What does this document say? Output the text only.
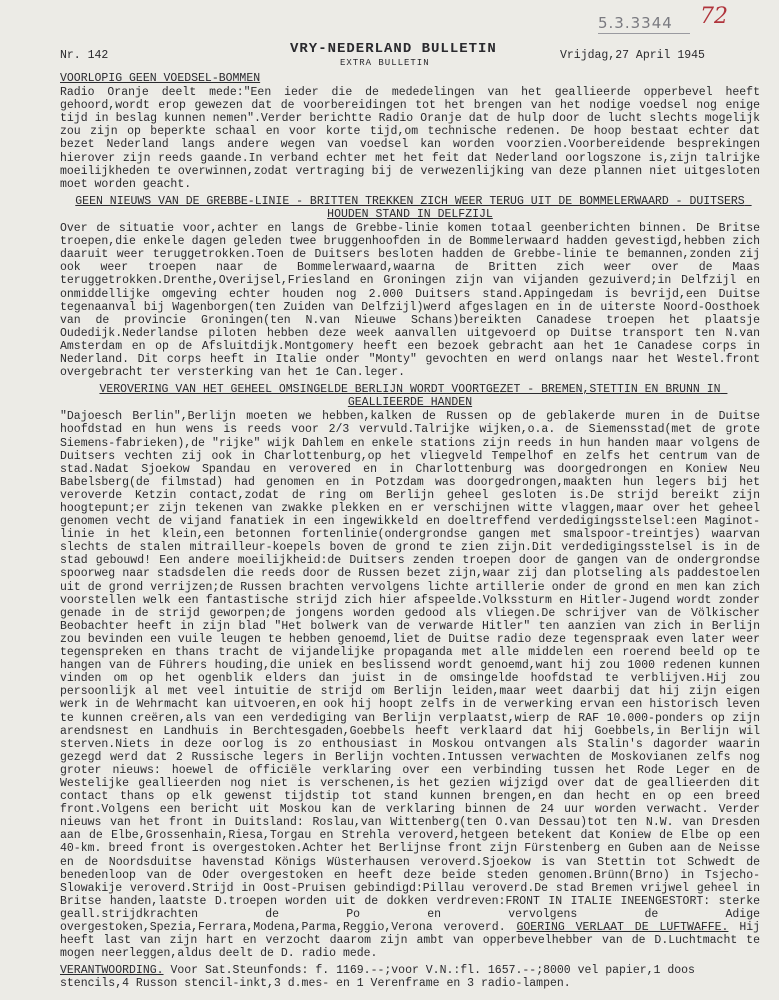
5.3.3344 72
Nr. 142	VRY-NEDERLAND BULLETIN
EXTRA BULLETIN
Vrijdag,27 April 1945
VOORLOPIG GEEN VOEDSEL-BOMMEN
Radio Oranje deelt mede:"Een ieder die de mededelingen van het geallieerde opperbevel heeft gehoord,wordt erop gewezen dat de voorbereidingen tot het brengen van het nodige voedsel nog enige tijd in beslag kunnen nemen".Verder berichtte Radio Oranje dat de hulp door de lucht slechts mogelijk zou zijn op beperkte schaal en voor korte tijd,om technische redenen. De hoop bestaat echter dat bezet Nederland langs andere wegen van voedsel kan worden voorzien.Voorbereidende besprekingen hierover zijn reeds gaande.In verband echter met het feit dat Nederland oorlogszone is,zijn talrijke moeilijkheden te overwinnen,zodat vertraging bij de verwezenlijking van deze plannen niet uitgesloten moet worden geacht.
GEEN NIEUWS VAN DE GREBBE-LINIE - BRITTEN TREKKEN ZICH WEER TERUG UIT DE BOMMELERWAARD - DUITSERS HOUDEN STAND IN DELFZIJL
Over de situatie voor,achter en langs de Grebbe-linie komen totaal geenberichten binnen. De Britse troepen,die enkele dagen geleden twee bruggenhoofden in de Bommelerwaard hadden gevestigd,hebben zich daaruit weer teruggetrokken.Toen de Duitsers besloten hadden de Grebbe-linie te bemannen,zonden zij ook weer troepen naar de Bommelerwaard,waarna de Britten zich weer over de Maas teruggetrokken.Drenthe,Overijsel,Friesland en Groningen zijn van vijanden gezuiverd;in Delfzijl en onmiddellijke omgeving echter houden nog 2.000 Duitsers stand.Appingedam is bevrijd,een Duitse tegenaanval bij Wagenborgen(ten Zuiden van Delfzijl)werd afgeslagen en in de uiterste Noord-Oosthoek van de provincie Groningen(ten N.van Nieuwe Schans)bereikten Canadese troepen het plaatsje Oudedijk.Nederlandse piloten hebben deze week aanvallen uitgevoerd op Duitse transport ten N.van Amsterdam en op de Afsluitdijk.Montgomery heeft een bezoek gebracht aan het 1e Canadese corps in Nederland. Dit corps heeft in Italie onder "Monty" gevochten en werd onlangs naar het Westel.front overgebracht ter versterking van het 1e Can.leger.
VEROVERING VAN HET GEHEEL OMSINGELDE BERLIJN WORDT VOORTGEZET - BREMEN,STETTIN EN BRUNN IN GEALLIEERDE HANDEN
"Dajoesch Berlin",Berlijn moeten we hebben,kalken de Russen op de geblakerde muren in de Duitse hoofdstad en hun wens is reeds voor 2/3 vervuld.Talrijke wijken,o.a. de Siemensstad(met de grote Siemens-fabrieken),de "rijke" wijk Dahlem en enkele stations zijn reeds in hun handen maar volgens de Duitsers vechten zij ook in Charlottenburg,op het vliegveld Tempelhof en zelfs het centrum van de stad.Nadat Sjoekow Spandau en verovered en in Charlottenburg was doorgedrongen en Koniew Neu Babelsberg(de filmstad) had genomen en in Potzdam was doorgedrongen,maakten hun legers bij het veroverde Ketzin contact,zodat de ring om Berlijn geheel gesloten is.De strijd bereikt zijn hoogtepunt;er zijn tekenen van zwakke plekken en er verschijnen witte vlaggen,maar over het geheel genomen vecht de vijand fanatiek in een ingewikkeld en doeltreffend verdedigingsstelsel:een Maginot-linie in het klein,een betonnen fortenlinie(ondergrondse gangen met smalspoor-treintjes) waarvan slechts de stalen mitrailleur-koepels boven de grond te zien zijn.Dit verdedigingsstelsel is in de stad gebouwd! Een andere moeilijkheid:de Duitsers zenden troepen door de gangen van de ondergrondse spoorweg naar stadsdelen die reeds door de Russen bezet zijn,waar zij dan plotseling als paddestoelen uit de grond verrijzen;de Russen brachten vervolgens lichte artillerie onder de grond en men kan zich voorstellen welk een fantastische strijd zich hier afspeelde.Volkssturm en Hitler-Jugend wordt zonder genade in de strijd geworpen;de jongens worden gedood als vliegen.De schrijver van de Völkischer Beobachter heeft in zijn blad "Het bolwerk van de verwarde Hitler" ten aanzien van zich in Berlijn zou bevinden een vuile leugen te hebben genoemd,liet de Duitse radio deze tegenspraak even later weer tegenspreken en thans tracht de vijandelijke propaganda met alle middelen een roerend beeld op te hangen van de Führers houding,die uniek en beslissend wordt genoemd,want hij zou 1000 redenen kunnen vinden om op het ogenblik elders dan juist in de omsingelde hoofdstad te verblijven.Hij zou persoonlijk al met veel intuitie de strijd om Berlijn leiden,maar weet daarbij dat hij zijn eigen werk in de Wehrmacht kan uitvoeren,en ook hij hoopt zelfs in de verwerking ervan een historisch leven te kunnen creëren,als van een verdediging van Berlijn verplaatst,wierp de RAF 10.000-ponders op zijn arendsnest en Landhuis in Berchtesgaden,Goebbels heeft verklaard dat hij Goebbels,in Berlijn wil sterven.Niets in deze oorlog is zo enthousiast in Moskou ontvangen als Stalin's dagorder waarin gezegd werd dat 2 Russische legers in Berlijn vochten.Intussen verwachten de Moskovianen zelfs nog groter nieuws: hoewel de officiële verklaring over een verbinding tussen het Rode Leger en de Westelijke geallieerden nog niet is verschenen,is het gezien wijzigd over dat de geallieerden dit contact thans op elk gewenst tijdstip tot stand kunnen brengen,en dan hecht en op een breed front.Volgens een bericht uit Moskou kan de verklaring binnen de 24 uur worden verwacht. Verder nieuws van het front in Duitsland: Roslau,van Wittenberg(ten O.van Dessau)tot ten N.W. van Dresden aan de Elbe,Grossenhain,Riesa,Torgau en Strehla veroverd,hetgeen betekent dat Koniew de Elbe op een 40-km. breed front is overgestoken.Achter het Berlijnse front zijn Fürstenberg en Guben aan de Neisse en de Noordsduitse havenstad Königs Wüsterhausen veroverd.Sjoekow is van Stettin tot Schwedt de benedenloop van de Oder overgestoken en heeft deze beide steden genomen.Brünn(Brno) in Tsjecho-Slowakije veroverd.Strijd in Oost-Pruisen gebindigd:Pillau veroverd.De stad Bremen vrijwel geheel in Britse handen,laatste D.troepen worden uit de dokken verdreven:FRONT IN ITALIE INEENGESTORT: sterke geall.strijdkrachten de Po en vervolgens de Adige overgestoken,Spezia,Ferrara,Modena,Parma,Reggio,Verona veroverd. GOERING VERLAAT DE LUFTWAFFE. Hij heeft last van zijn hart en verzocht daarom zijn ambt van opperbevelhebber van de D.Luchtmacht te mogen neerleggen,aldus deelt de D. radio mede.
VERANTWOORDING. Voor Sat.Steunfonds: f. 1169.--;voor V.N.:fl. 1657.--;8000 vel papier,1 doos stencils,4 Russon stencil-inkt,3 d.mes- en 1 Verenframe en 3 radio-lampen.
